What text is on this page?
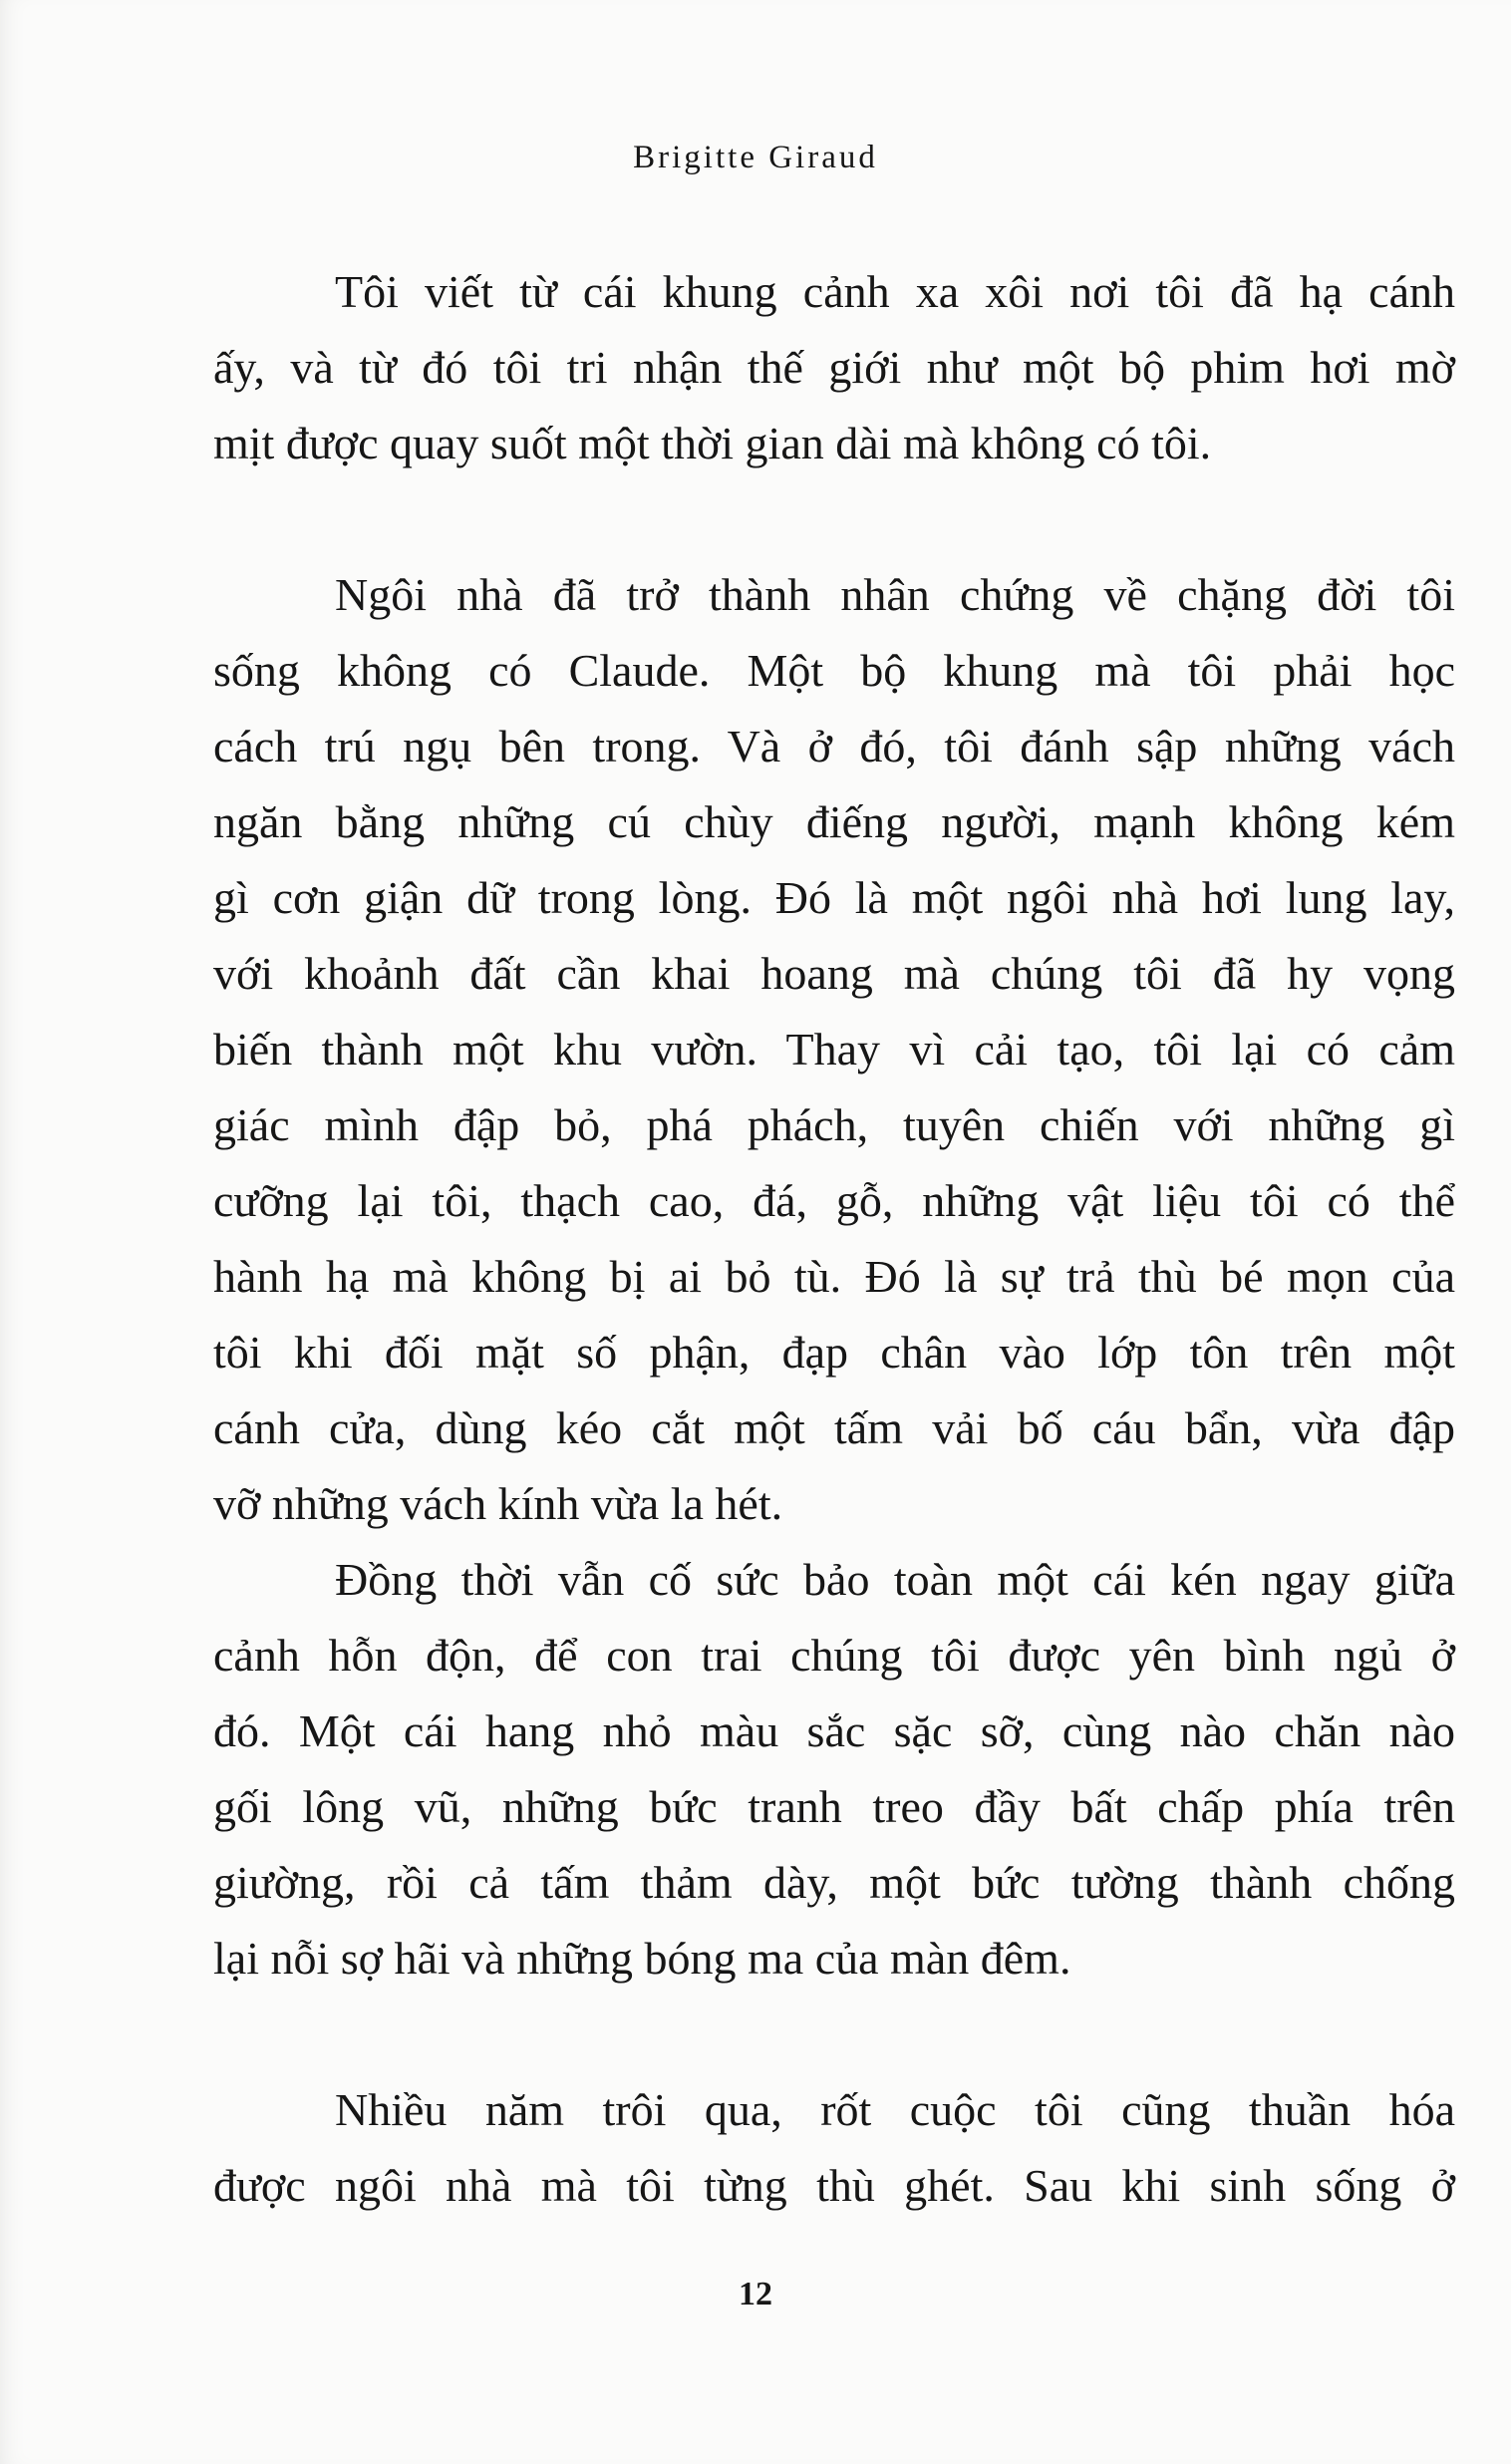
Brigitte Giraud

Tôi viết từ cái khung cảnh xa xôi nơi tôi đã hạ cánh
ấy, và từ đó tôi tri nhận thế giới như một bộ phim hơi mờ
mịt được quay suốt một thời gian dài mà không có tôi.

Ngôi nhà đã trở thành nhân chứng về chặng đời tôi
sống không có Claude. Một bộ khung mà tôi phải học
cách trú ngụ bên trong. Và ở đó, tôi đánh sập những vách
ngăn bằng những cú chùy điếng người, mạnh không kém
gì cơn giận dữ trong lòng. Đó là một ngôi nhà hơi lung lay,
với khoảnh đất cần khai hoang mà chúng tôi đã hy vọng
biến thành một khu vườn. Thay vì cải tạo, tôi lại có cảm
giác mình đập bỏ, phá phách, tuyên chiến với những gì
cưỡng lại tôi, thạch cao, đá, gỗ, những vật liệu tôi có thể
hành hạ mà không bị ai bỏ tù. Đó là sự trả thù bé mọn của
tôi khi đối mặt số phận, đạp chân vào lớp tôn trên một
cánh cửa, dùng kéo cắt một tấm vải bố cáu bẩn, vừa đập
vỡ những vách kính vừa la hét.

Đồng thời vẫn cố sức bảo toàn một cái kén ngay giữa
cảnh hỗn độn, để con trai chúng tôi được yên bình ngủ ở
đó. Một cái hang nhỏ màu sắc sặc sỡ, cùng nào chăn nào
gối lông vũ, những bức tranh treo đầy bất chấp phía trên
giường, rồi cả tấm thảm dày, một bức tường thành chống
lại nỗi sợ hãi và những bóng ma của màn đêm.

Nhiều năm trôi qua, rốt cuộc tôi cũng thuần hóa
được ngôi nhà mà tôi từng thù ghét. Sau khi sinh sống ở

12
